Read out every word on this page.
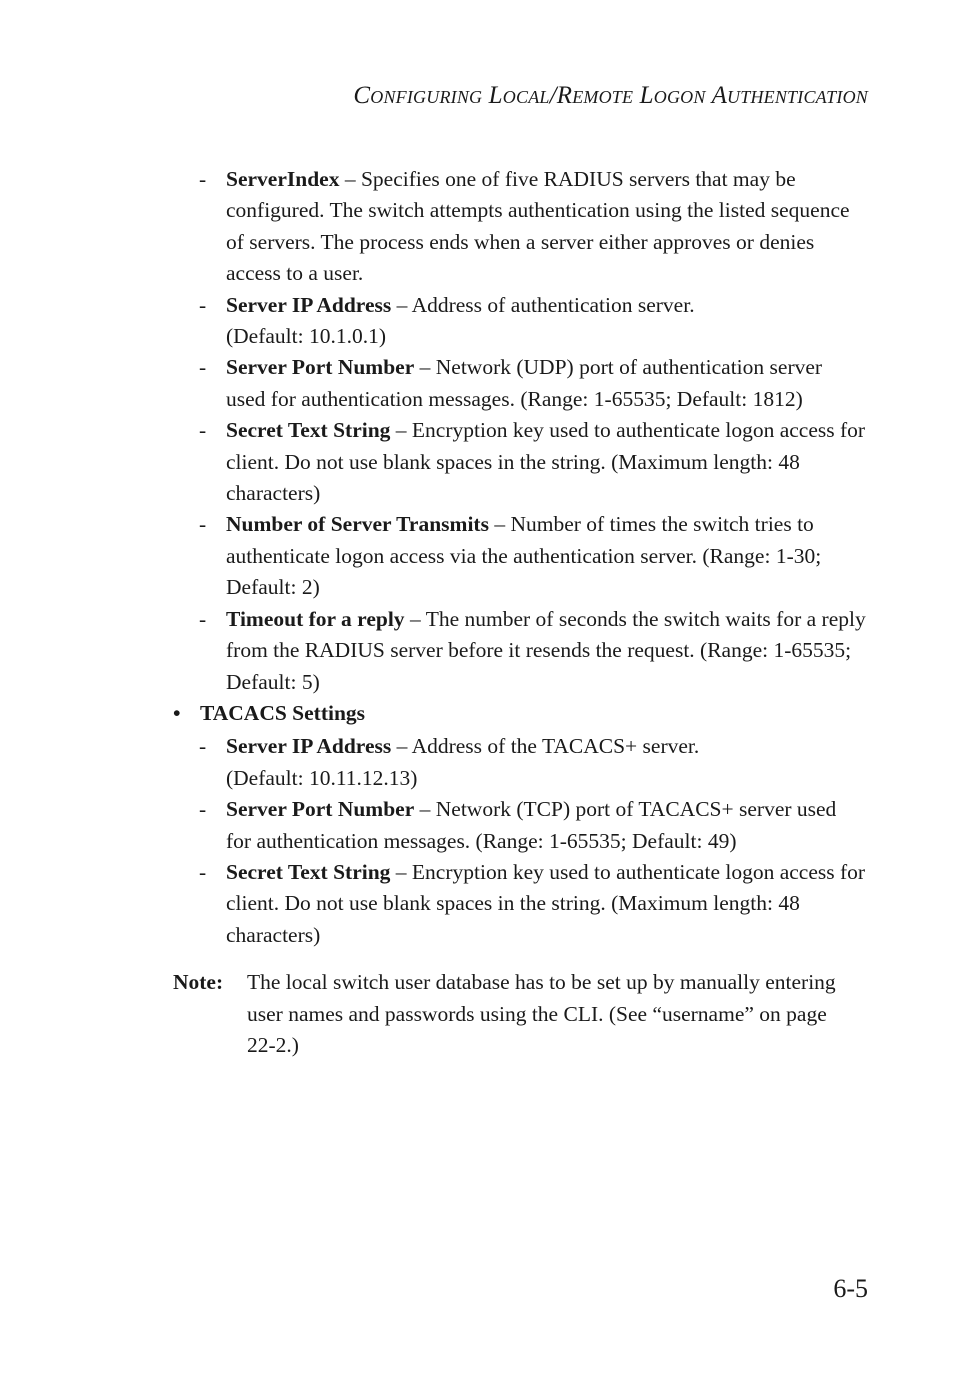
Configuring Local/Remote Logon Authentication
- ServerIndex – Specifies one of five RADIUS servers that may be configured. The switch attempts authentication using the listed sequence of servers. The process ends when a server either approves or denies access to a user.
- Server IP Address – Address of authentication server.
(Default: 10.1.0.1)
- Server Port Number – Network (UDP) port of authentication server used for authentication messages. (Range: 1-65535; Default: 1812)
- Secret Text String – Encryption key used to authenticate logon access for client. Do not use blank spaces in the string. (Maximum length: 48 characters)
- Number of Server Transmits – Number of times the switch tries to authenticate logon access via the authentication server. (Range: 1-30; Default: 2)
- Timeout for a reply – The number of seconds the switch waits for a reply from the RADIUS server before it resends the request. (Range: 1-65535; Default: 5)
• TACACS Settings
- Server IP Address – Address of the TACACS+ server.
(Default: 10.11.12.13)
- Server Port Number – Network (TCP) port of TACACS+ server used for authentication messages. (Range: 1-65535; Default: 49)
- Secret Text String – Encryption key used to authenticate logon access for client. Do not use blank spaces in the string. (Maximum length: 48 characters)
Note: The local switch user database has to be set up by manually entering user names and passwords using the CLI. (See “username” on page 22-2.)
6-5
